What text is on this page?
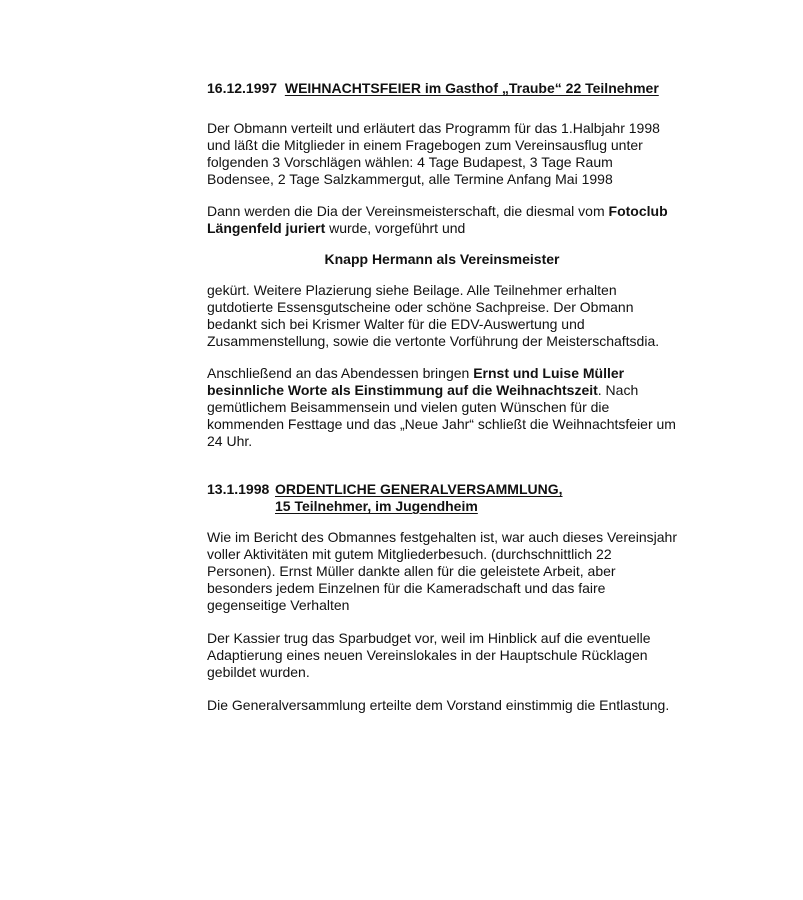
16.12.1997 WEIHNACHTSFEIER im Gasthof „Traube“ 22 Teilnehmer

Der Obmann verteilt und erläutert das Programm für das 1.Halbjahr 1998 und läßt die Mitglieder in einem Fragebogen zum Vereinsausflug unter folgenden 3 Vorschlägen wählen: 4 Tage Budapest, 3 Tage Raum Bodensee, 2 Tage Salzkammergut, alle Termine Anfang Mai 1998

Dann werden die Dia der Vereinsmeisterschaft, die diesmal vom Fotoclub Längenfeld juriert wurde, vorgeführt und

Knapp Hermann als Vereinsmeister

gekürt. Weitere Plazierung siehe Beilage. Alle Teilnehmer erhalten gutdotierte Essensgutscheine oder schöne Sachpreise. Der Obmann bedankt sich bei Krismer Walter für die EDV-Auswertung und Zusammenstellung, sowie die vertonte Vorführung der Meisterschaftsdia.

Anschließend an das Abendessen bringen Ernst und Luise Müller besinnliche Worte als Einstimmung auf die Weihnachtszeit. Nach gemütlichem Beisammensein und vielen guten Wünschen für die kommenden Festtage und das „Neue Jahr“ schließt die Weihnachtsfeier um 24 Uhr.

13.1.1998 ORDENTLICHE GENERALVERSAMMLUNG,
15 Teilnehmer, im Jugendheim

Wie im Bericht des Obmannes festgehalten ist, war auch dieses Vereinsjahr voller Aktivitäten mit gutem Mitgliederbesuch. (durchschnittlich 22 Personen). Ernst Müller dankte allen für die geleistete Arbeit, aber besonders jedem Einzelnen für die Kameradschaft und das faire gegenseitige Verhalten

Der Kassier trug das Sparbudget vor, weil im Hinblick auf die eventuelle Adaptierung eines neuen Vereinslokales in der Hauptschule Rücklagen gebildet wurden.

Die Generalversammlung erteilte dem Vorstand einstimmig die Entlastung.
